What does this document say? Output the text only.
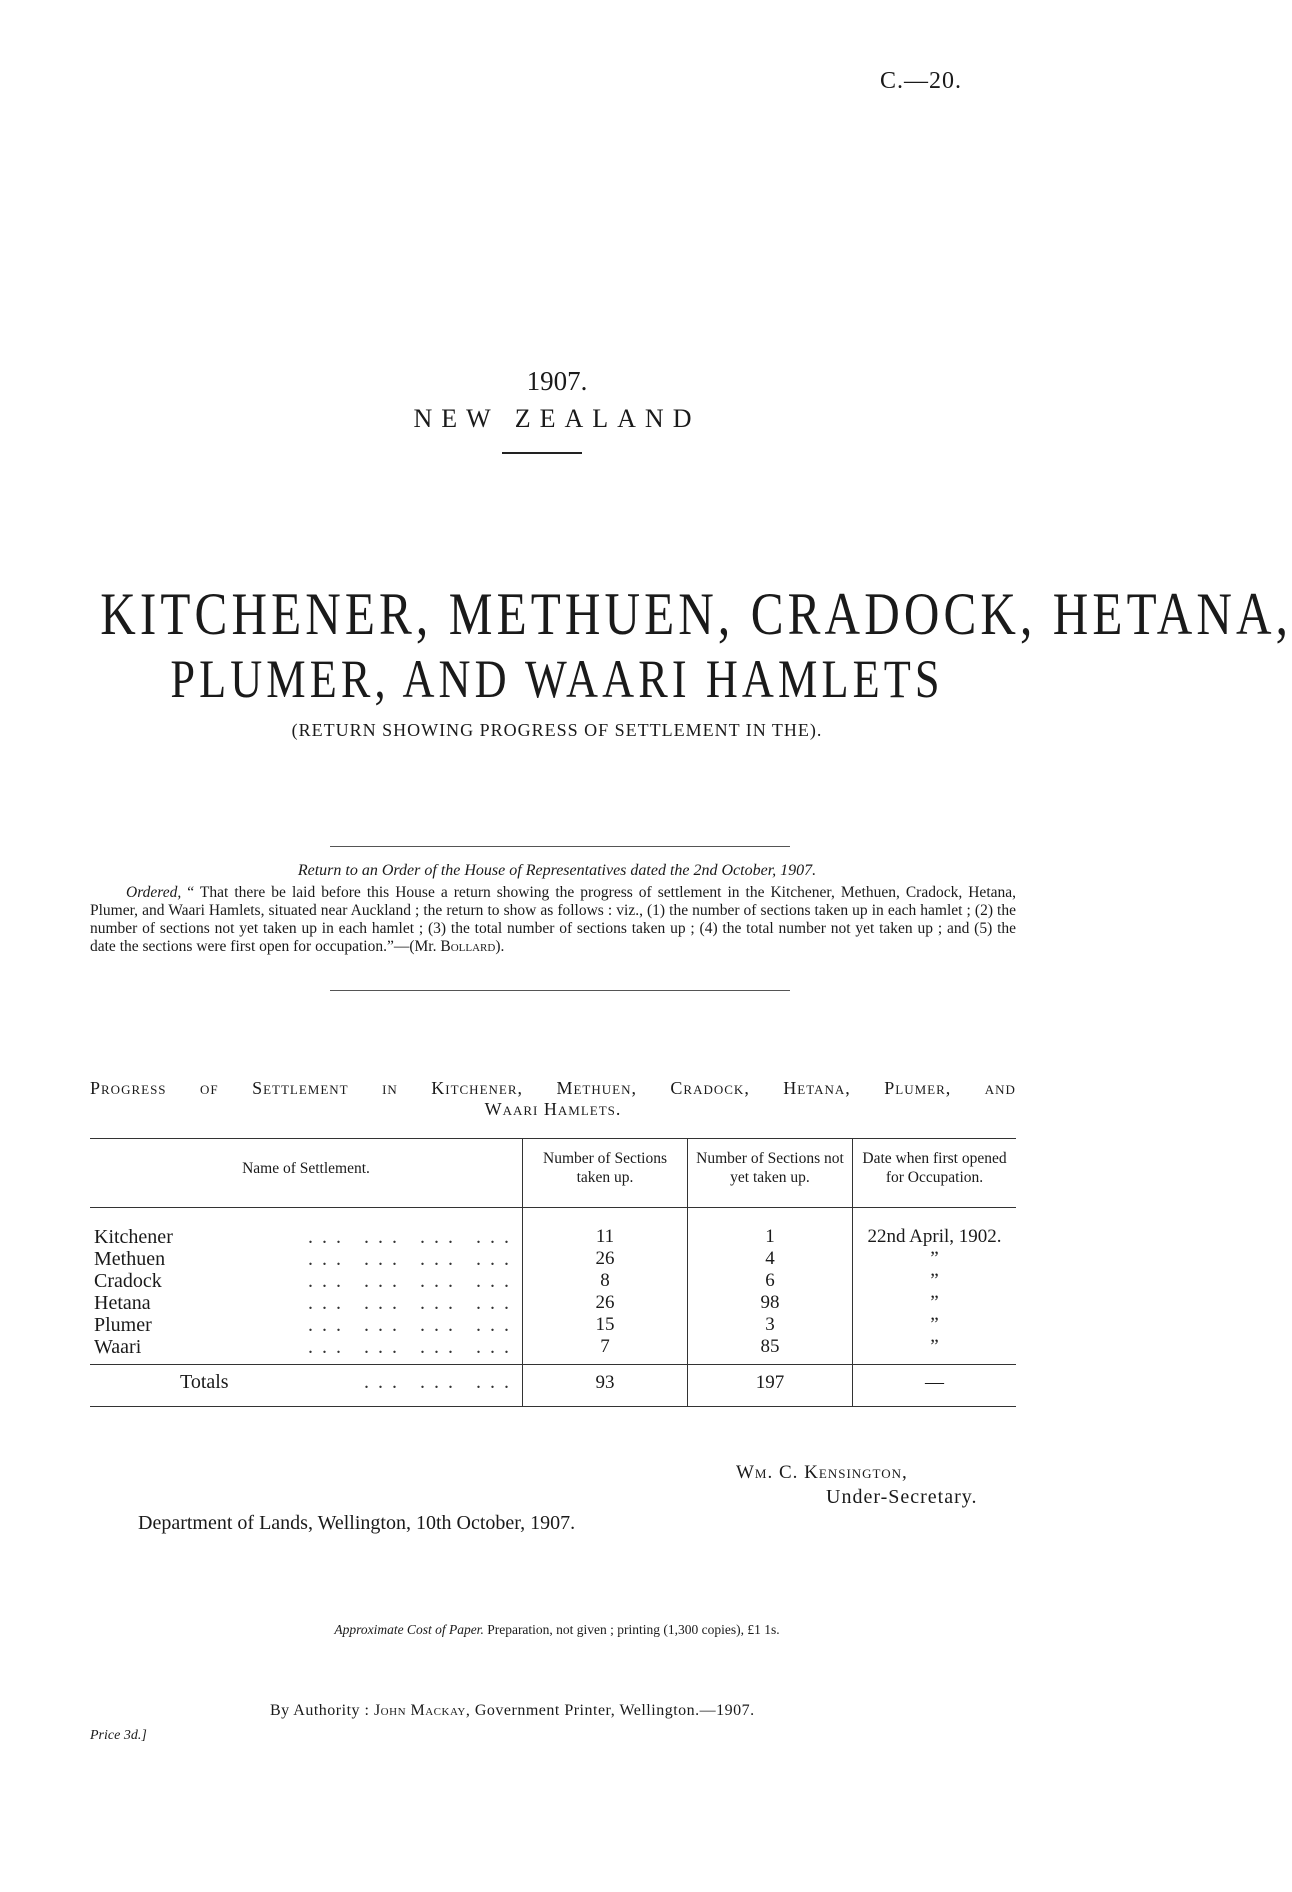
C.—20.
1907.
NEW ZEALAND
KITCHENER, METHUEN, CRADOCK, HETANA,
PLUMER, AND WAARI HAMLETS
(RETURN SHOWING PROGRESS OF SETTLEMENT IN THE).
Return to an Order of the House of Representatives dated the 2nd October, 1907.
Ordered, “ That there be laid before this House a return showing the progress of settlement in the Kitchener, Methuen, Cradock, Hetana, Plumer, and Waari Hamlets, situated near Auckland ; the return to show as follows : viz., (1) the number of sections taken up in each hamlet ; (2) the number of sections not yet taken up in each hamlet ; (3) the total number of sections taken up ; (4) the total number not yet taken up ; and (5) the date the sections were first open for occupation.”—(Mr. Bollard).
Progress of Settlement in Kitchener, Methuen, Cradock, Hetana, Plumer, and
Waari Hamlets.
Name of Settlement.	Number of Sections taken up.	Number of Sections not yet taken up.	Date when first opened for Occupation.
Kitchener ... ... ... ...	11	1	22nd April, 1902.
Methuen ... ... ... ...	26	4	”
Cradock ... ... ... ...	8	6	”
Hetana ... ... ... ...	26	98	”
Plumer ... ... ... ...	15	3	”
Waari ... ... ... ...	7	85	”
Totals ... ... ...	93	197	—
Wm. C. Kensington,
Under-Secretary.
Department of Lands, Wellington, 10th October, 1907.
Approximate Cost of Paper. Preparation, not given ; printing (1,300 copies), £1 1s.
By Authority : John Mackay, Government Printer, Wellington.—1907.
Price 3d.]
